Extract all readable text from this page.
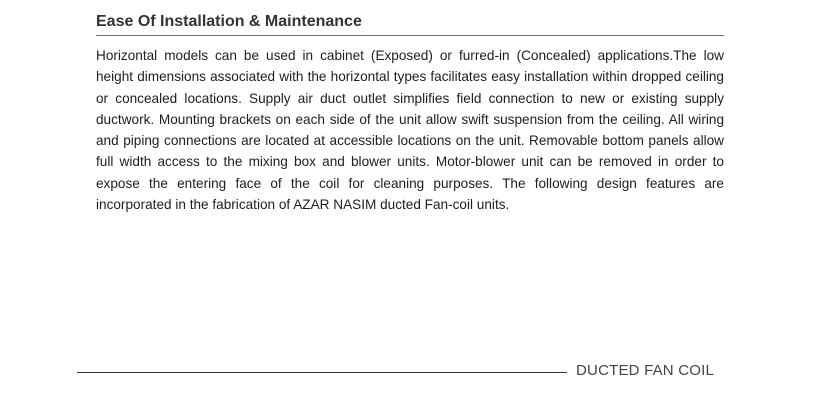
Ease Of Installation & Maintenance
Horizontal models can be used in cabinet (Exposed) or furred-in (Concealed) applications.The low height dimensions associated with the horizontal types facilitates easy installation within dropped ceiling or concealed locations. Supply air duct outlet simplifies field connection to new or existing supply ductwork. Mounting brackets on each side of the unit allow swift suspension from the ceiling. All wiring and piping connections are located at accessible locations on the unit. Removable bottom panels allow full width access to the mixing box and blower units. Motor-blower unit can be removed in order to expose the entering face of the coil for cleaning purposes. The following design features are incorporated in the fabrication of AZAR NASIM ducted Fan-coil units.
DUCTED FAN COIL
